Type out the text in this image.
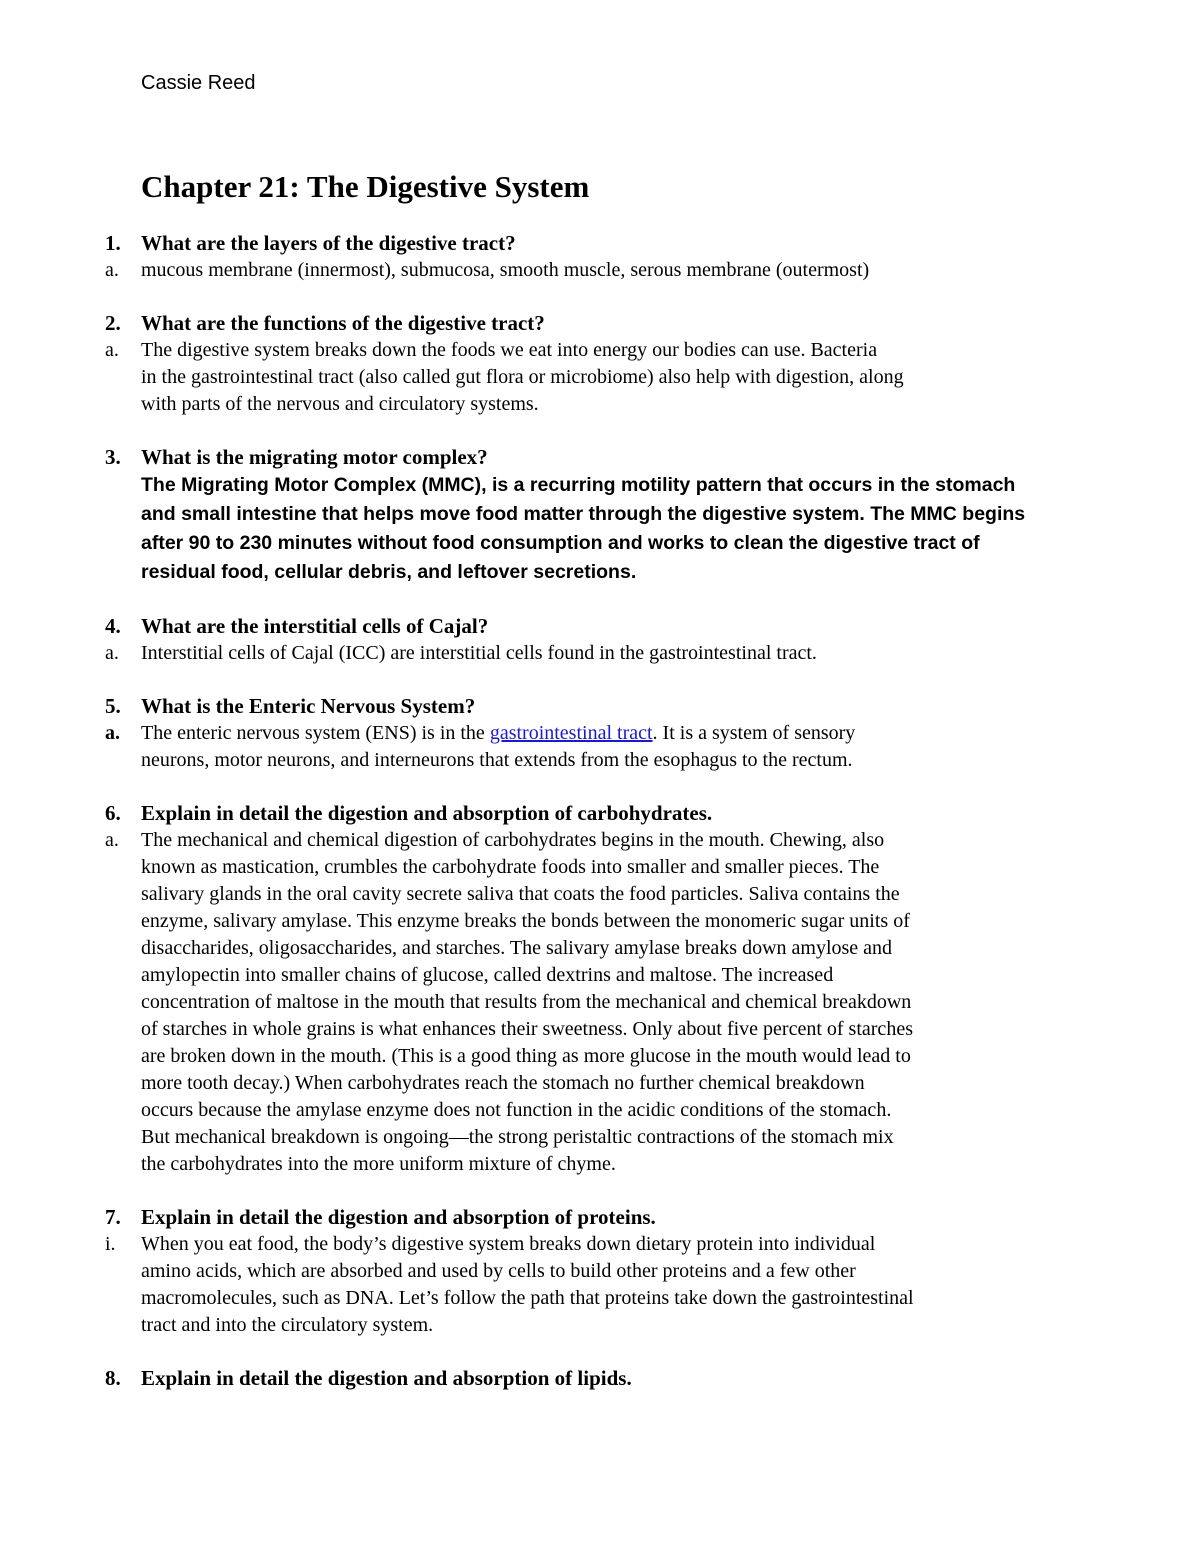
Cassie Reed
Chapter 21: The Digestive System
1. What are the layers of the digestive tract?
a. mucous membrane (innermost), submucosa, smooth muscle, serous membrane (outermost)
2. What are the functions of the digestive tract?
a. The digestive system breaks down the foods we eat into energy our bodies can use. Bacteria
in the gastrointestinal tract (also called gut flora or microbiome) also help with digestion, along
with parts of the nervous and circulatory systems.
3. What is the migrating motor complex?
The Migrating Motor Complex (MMC), is a recurring motility pattern that occurs in the stomach
and small intestine that helps move food matter through the digestive system. The MMC begins
after 90 to 230 minutes without food consumption and works to clean the digestive tract of
residual food, cellular debris, and leftover secretions.
4. What are the interstitial cells of Cajal?
a. Interstitial cells of Cajal (ICC) are interstitial cells found in the gastrointestinal tract.
5. What is the Enteric Nervous System?
a. The enteric nervous system (ENS) is in the gastrointestinal tract. It is a system of sensory
neurons, motor neurons, and interneurons that extends from the esophagus to the rectum.
6. Explain in detail the digestion and absorption of carbohydrates.
a. The mechanical and chemical digestion of carbohydrates begins in the mouth. Chewing, also
known as mastication, crumbles the carbohydrate foods into smaller and smaller pieces. The
salivary glands in the oral cavity secrete saliva that coats the food particles. Saliva contains the
enzyme, salivary amylase. This enzyme breaks the bonds between the monomeric sugar units of
disaccharides, oligosaccharides, and starches. The salivary amylase breaks down amylose and
amylopectin into smaller chains of glucose, called dextrins and maltose. The increased
concentration of maltose in the mouth that results from the mechanical and chemical breakdown
of starches in whole grains is what enhances their sweetness. Only about five percent of starches
are broken down in the mouth. (This is a good thing as more glucose in the mouth would lead to
more tooth decay.) When carbohydrates reach the stomach no further chemical breakdown
occurs because the amylase enzyme does not function in the acidic conditions of the stomach.
But mechanical breakdown is ongoing—the strong peristaltic contractions of the stomach mix
the carbohydrates into the more uniform mixture of chyme.
7. Explain in detail the digestion and absorption of proteins.
i. When you eat food, the body’s digestive system breaks down dietary protein into individual
amino acids, which are absorbed and used by cells to build other proteins and a few other
macromolecules, such as DNA. Let’s follow the path that proteins take down the gastrointestinal
tract and into the circulatory system.
8. Explain in detail the digestion and absorption of lipids.
